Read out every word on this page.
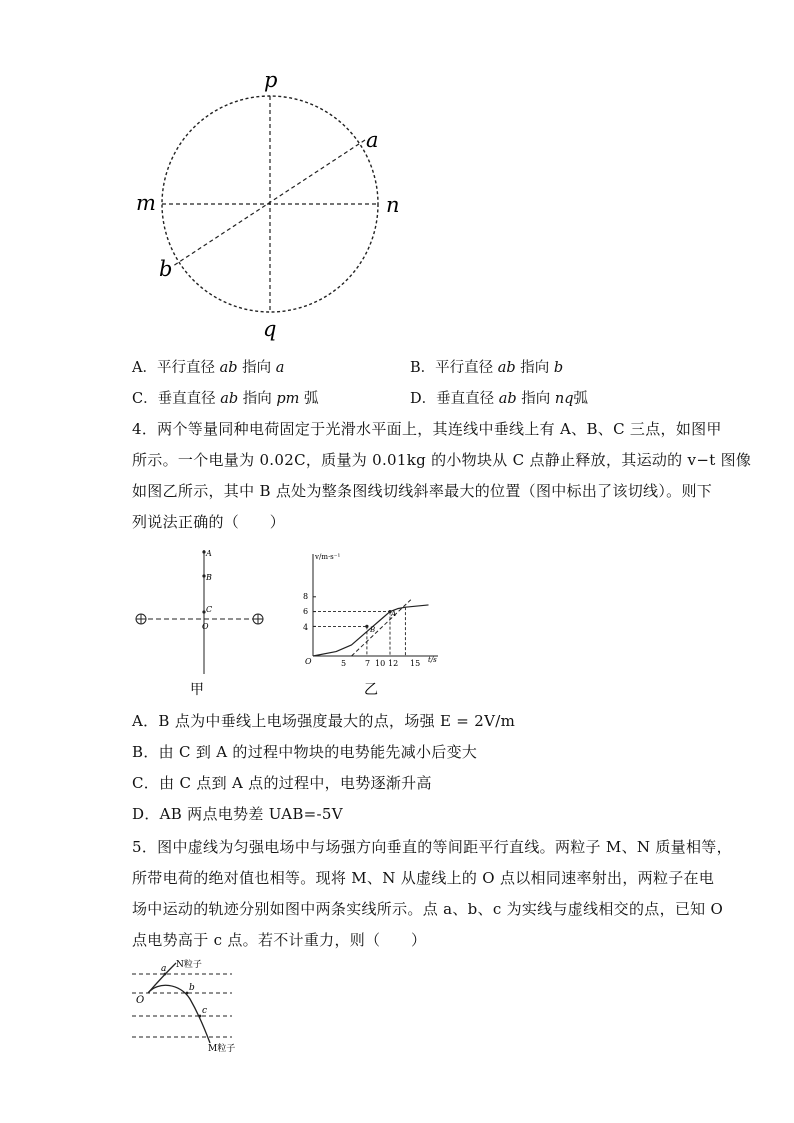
p
q
m	n
a
b
A．平行直径 ab 指向 a	B．平行直径 ab 指向 b
C．垂直直径 ab 指向 pm 弧	D．垂直直径 ab 指向 nq弧
4．两个等量同种电荷固定于光滑水平面上，其连线中垂线上有 A、B、C 三点，如图甲
所示。一个电量为 0.02C，质量为 0.01kg 的小物块从 C 点静止释放，其运动的 v−t 图像
如图乙所示，其中 B 点处为整条图线切线斜率最大的位置（图中标出了该切线）。则下
列说法正确的（　　）
A
B
C
O
甲
v/m·s⁻¹
t/s
O
8
6
4
5 7 10 12 15
A
B
乙
A．B 点为中垂线上电场强度最大的点，场强 E = 2V/m
B．由 C 到 A 的过程中物块的电势能先减小后变大
C．由 C 点到 A 点的过程中，电势逐渐升高
D．AB 两点电势差 UAB=-5V
5．图中虚线为匀强电场中与场强方向垂直的等间距平行直线。两粒子 M、N 质量相等，
所带电荷的绝对值也相等。现将 M、N 从虚线上的 O 点以相同速率射出，两粒子在电
场中运动的轨迹分别如图中两条实线所示。点 a、b、c 为实线与虚线相交的点，已知 O
点电势高于 c 点。若不计重力，则（　　）
N粒子
a
b
c
O
M粒子
